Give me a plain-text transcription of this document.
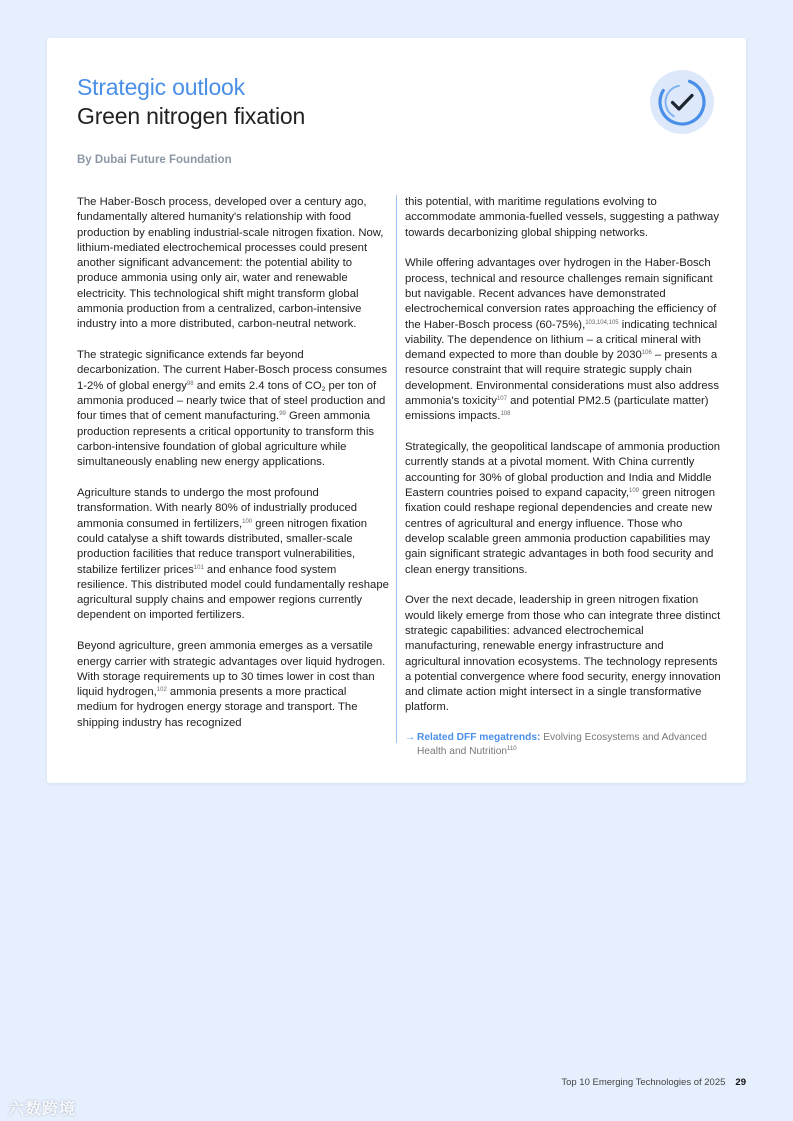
Strategic outlook
Green nitrogen fixation
By Dubai Future Foundation

The Haber-Bosch process, developed over a century ago, fundamentally altered humanity's relationship with food production by enabling industrial-scale nitrogen fixation. Now, lithium-mediated electrochemical processes could present another significant advancement: the potential ability to produce ammonia using only air, water and renewable electricity. This technological shift might transform global ammonia production from a centralized, carbon-intensive industry into a more distributed, carbon-neutral network.

The strategic significance extends far beyond decarbonization. The current Haber-Bosch process consumes 1-2% of global energy$^{98}$ and emits 2.4 tons of $CO_2$ per ton of ammonia produced – nearly twice that of steel production and four times that of cement manufacturing.$^{99}$ Green ammonia production represents a critical opportunity to transform this carbon-intensive foundation of global agriculture while simultaneously enabling new energy applications.

Agriculture stands to undergo the most profound transformation. With nearly 80% of industrially produced ammonia consumed in fertilizers,$^{100}$ green nitrogen fixation could catalyse a shift towards distributed, smaller-scale production facilities that reduce transport vulnerabilities, stabilize fertilizer prices$^{101}$ and enhance food system resilience. This distributed model could fundamentally reshape agricultural supply chains and empower regions currently dependent on imported fertilizers.

Beyond agriculture, green ammonia emerges as a versatile energy carrier with strategic advantages over liquid hydrogen. With storage requirements up to 30 times lower in cost than liquid hydrogen,$^{102}$ ammonia presents a more practical medium for hydrogen energy storage and transport. The shipping industry has recognized

this potential, with maritime regulations evolving to accommodate ammonia-fuelled vessels, suggesting a pathway towards decarbonizing global shipping networks.

While offering advantages over hydrogen in the Haber-Bosch process, technical and resource challenges remain significant but navigable. Recent advances have demonstrated electrochemical conversion rates approaching the efficiency of the Haber-Bosch process (60-75%),$^{103,104,105}$ indicating technical viability. The dependence on lithium – a critical mineral with demand expected to more than double by 2030$^{106}$ – presents a resource constraint that will require strategic supply chain development. Environmental considerations must also address ammonia's toxicity$^{107}$ and potential PM2.5 (particulate matter) emissions impacts.$^{108}$

Strategically, the geopolitical landscape of ammonia production currently stands at a pivotal moment. With China currently accounting for 30% of global production and India and Middle Eastern countries poised to expand capacity,$^{109}$ green nitrogen fixation could reshape regional dependencies and create new centres of agricultural and energy influence. Those who develop scalable green ammonia production capabilities may gain significant strategic advantages in both food security and clean energy transitions.

Over the next decade, leadership in green nitrogen fixation would likely emerge from those who can integrate three distinct strategic capabilities: advanced electrochemical manufacturing, renewable energy infrastructure and agricultural innovation ecosystems. The technology represents a potential convergence where food security, energy innovation and climate action might intersect in a single transformative platform.

→ Related DFF megatrends: Evolving Ecosystems and Advanced Health and Nutrition$^{110}$
Top 10 Emerging Technologies of 2025 29
六数跨境
